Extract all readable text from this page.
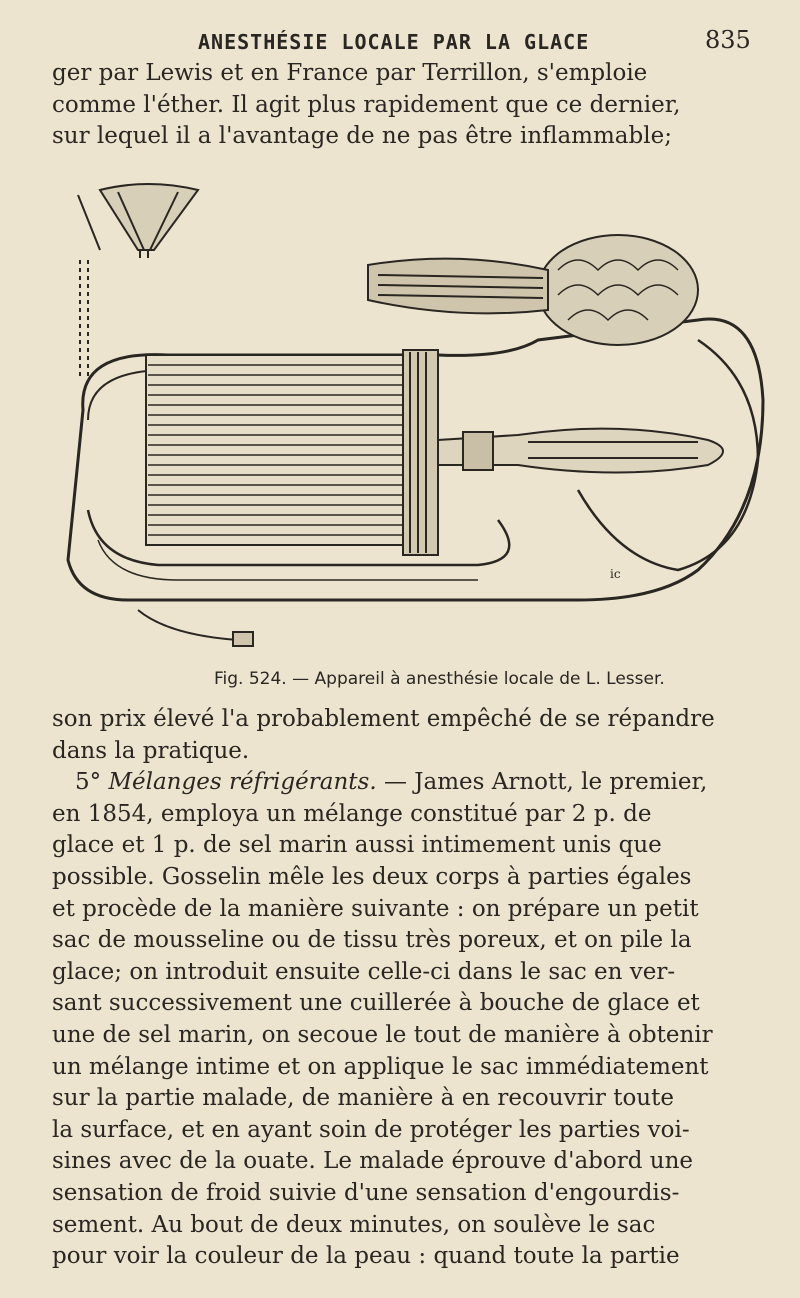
ANESTHÉSIE LOCALE PAR LA GLACE	835

ger par Lewis et en France par Terrillon, s'emploie

comme l'éther. Il agit plus rapidement que ce dernier,

sur lequel il a l'avantage de ne pas être inflammable;

ic
Fig. 524. — Appareil à anesthésie locale de L. Lesser.

son prix élevé l'a probablement empêché de se répandre

dans la pratique.

 5° Mélanges réfrigérants. — James Arnott, le premier,

en 1854, employa un mélange constitué par 2 p. de

glace et 1 p. de sel marin aussi intimement unis que

possible. Gosselin mêle les deux corps à parties égales

et procède de la manière suivante : on prépare un petit

sac de mousseline ou de tissu très poreux, et on pile la

glace; on introduit ensuite celle-ci dans le sac en ver-

sant successivement une cuillerée à bouche de glace et

une de sel marin, on secoue le tout de manière à obtenir

un mélange intime et on applique le sac immédiatement

sur la partie malade, de manière à en recouvrir toute

la surface, et en ayant soin de protéger les parties voi-

sines avec de la ouate. Le malade éprouve d'abord une

sensation de froid suivie d'une sensation d'engourdis-

sement. Au bout de deux minutes, on soulève le sac

pour voir la couleur de la peau : quand toute la partie
